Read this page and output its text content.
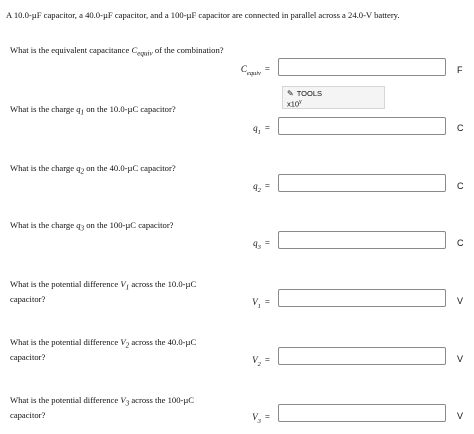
A 10.0-µF capacitor, a 40.0-µF capacitor, and a 100-µF capacitor are connected in parallel across a 24.0-V battery.
What is the equivalent capacitance $C_{equiv}$ of the combination?
$C_{equiv}$ =	F
✎ TOOLS
x10$^y$
What is the charge $q_1$ on the 10.0-µC capacitor?
$q_1$ =	C
What is the charge $q_2$ on the 40.0-µC capacitor?
$q_2$ =	C
What is the charge $q_3$ on the 100-µC capacitor?
$q_3$ =	C
What is the potential difference $V_1$ across the 10.0-µC
capacitor?	$V_1$ =	V
What is the potential difference $V_2$ across the 40.0-µC
capacitor?	$V_2$ =	V
What is the potential difference $V_3$ across the 100-µC
capacitor?	$V_3$ =	V
